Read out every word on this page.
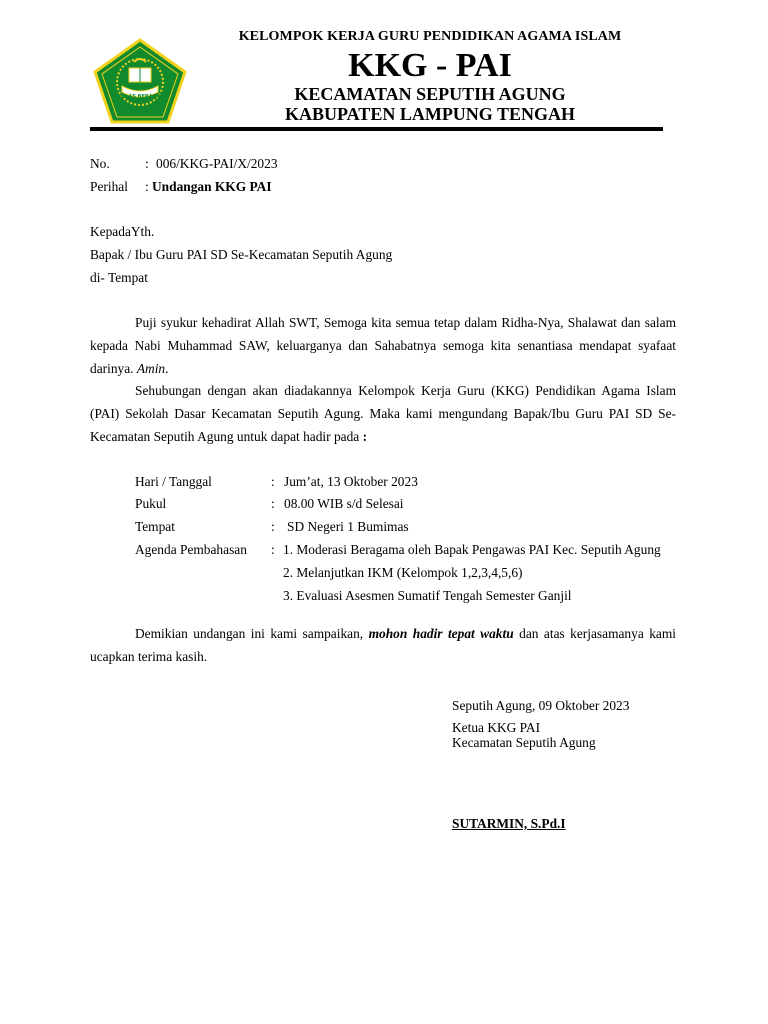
IKHLAS BERAMAL
KELOMPOK KERJA GURU PENDIDIKAN AGAMA ISLAM
KKG - PAI
KECAMATAN SEPUTIH AGUNG
KABUPATEN LAMPUNG TENGAH
No.	: 006/KKG-PAI/X/2023
Perihal : Undangan KKG PAI
KepadaYth.
Bapak / Ibu Guru PAI SD Se-Kecamatan Seputih Agung
di- Tempat
Puji syukur kehadirat Allah SWT, Semoga kita semua tetap dalam Ridha-Nya, Shalawat dan salam kepada Nabi Muhammad SAW, keluarganya dan Sahabatnya semoga kita senantiasa mendapat syafaat darinya. Amin.
Sehubungan dengan akan diadakannya Kelompok Kerja Guru (KKG) Pendidikan Agama Islam (PAI) Sekolah Dasar Kecamatan Seputih Agung. Maka kami mengundang Bapak/Ibu Guru PAI SD Se-Kecamatan Seputih Agung untuk dapat hadir pada :
Hari / Tanggal	: Jum’at, 13 Oktober 2023
Pukul	: 08.00 WIB s/d Selesai
Tempat	: SD Negeri 1 Bumimas
Agenda Pembahasan : 1. Moderasi Beragama oleh Bapak Pengawas PAI Kec. Seputih Agung
2. Melanjutkan IKM (Kelompok 1,2,3,4,5,6)
3. Evaluasi Asesmen Sumatif Tengah Semester Ganjil
Demikian undangan ini kami sampaikan, mohon hadir tepat waktu dan atas kerjasamanya kami ucapkan terima kasih.
Seputih Agung, 09 Oktober 2023
Ketua KKG PAI
Kecamatan Seputih Agung
SUTARMIN, S.Pd.I
